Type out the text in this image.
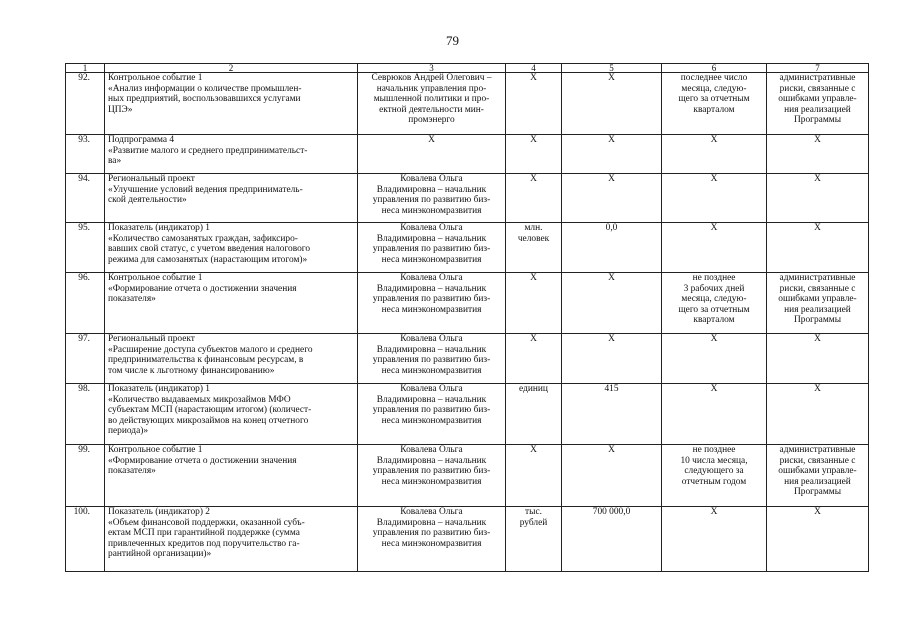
79
1	2	3	4	5	6	7
92.	Контрольное событие 1
«Анализ информации о количестве промышлен-
ных предприятий, воспользовавшихся услугами
ЦПЭ»	Севрюков Андрей Олегович –
начальник управления про-
мышленной политики и про-
ектной деятельности мин-
промэнерго	X	X	последнее число
месяца, следую-
щего за отчетным
кварталом	административные
риски, связанные с
ошибками управле-
ния реализацией
Программы

93.	Подпрограмма 4
«Развитие малого и среднего предпринимательст-
ва»	X	X	X	X	X

94.	Региональный проект
«Улучшение условий ведения предприниматель-
ской деятельности»	Ковалева Ольга
Владимировна – начальник
управления по развитию биз-
неса минэкономразвития	X	X	X	X

95.	Показатель (индикатор) 1
«Количество самозанятых граждан, зафиксиро-
вавших свой статус, с учетом введения налогового
режима для самозанятых (нарастающим итогом)»	Ковалева Ольга
Владимировна – начальник
управления по развитию биз-
неса минэкономразвития	млн.
человек	0,0	X	X

96.	Контрольное событие 1
«Формирование отчета о достижении значения
показателя»	Ковалева Ольга
Владимировна – начальник
управления по развитию биз-
неса минэкономразвития	X	X	не позднее
3 рабочих дней
месяца, следую-
щего за отчетным
кварталом	административные
риски, связанные с
ошибками управле-
ния реализацией
Программы

97.	Региональный проект
«Расширение доступа субъектов малого и среднего
предпринимательства к финансовым ресурсам, в
том числе к льготному финансированию»	Ковалева Ольга
Владимировна – начальник
управления по развитию биз-
неса минэкономразвития	X	X	X	X

98.	Показатель (индикатор) 1
«Количество выдаваемых микрозаймов МФО
субъектам МСП (нарастающим итогом) (количест-
во действующих микрозаймов на конец отчетного
периода)»	Ковалева Ольга
Владимировна – начальник
управления по развитию биз-
неса минэкономразвития	единиц	415	X	X

99.	Контрольное событие 1
«Формирование отчета о достижении значения
показателя»	Ковалева Ольга
Владимировна – начальник
управления по развитию биз-
неса минэкономразвития	X	X	не позднее
10 числа месяца,
следующего за
отчетным годом	административные
риски, связанные с
ошибками управле-
ния реализацией
Программы

100.	Показатель (индикатор) 2
«Объем финансовой поддержки, оказанной субъ-
ектам МСП при гарантийной поддержке (сумма
привлеченных кредитов под поручительство га-
рантийной организации)»	Ковалева Ольга
Владимировна – начальник
управления по развитию биз-
неса минэкономразвития	тыс.
рублей	700 000,0	X	X
